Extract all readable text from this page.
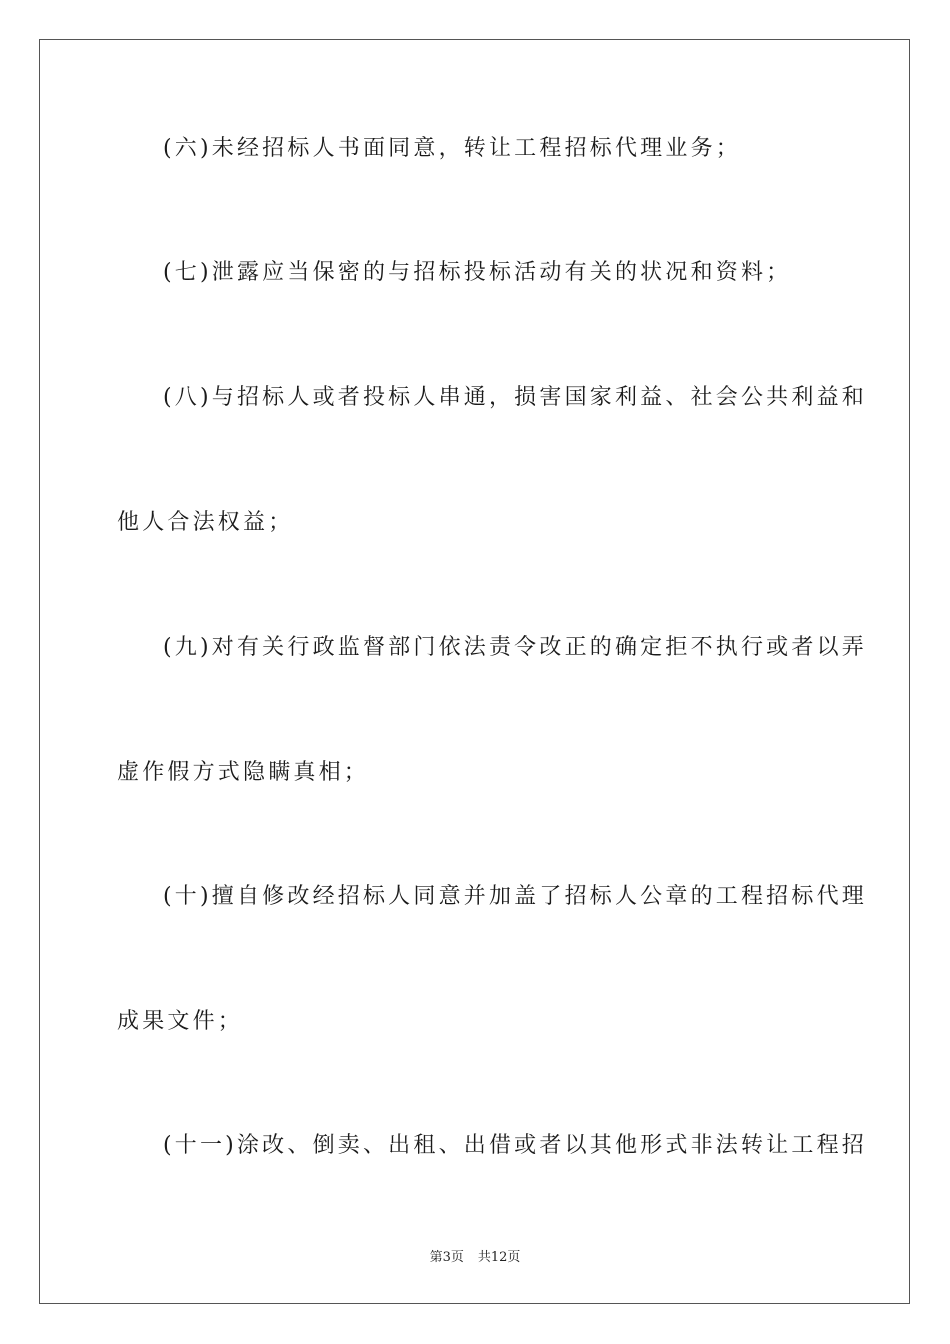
(六)未经招标人书面同意，转让工程招标代理业务；
(七)泄露应当保密的与招标投标活动有关的状况和资料；
(八)与招标人或者投标人串通，损害国家利益、社会公共利益和
他人合法权益；
(九)对有关行政监督部门依法责令改正的确定拒不执行或者以弄
虚作假方式隐瞒真相；
(十)擅自修改经招标人同意并加盖了招标人公章的工程招标代理
成果文件；
(十一)涂改、倒卖、出租、出借或者以其他形式非法转让工程招
第3页 共12页
